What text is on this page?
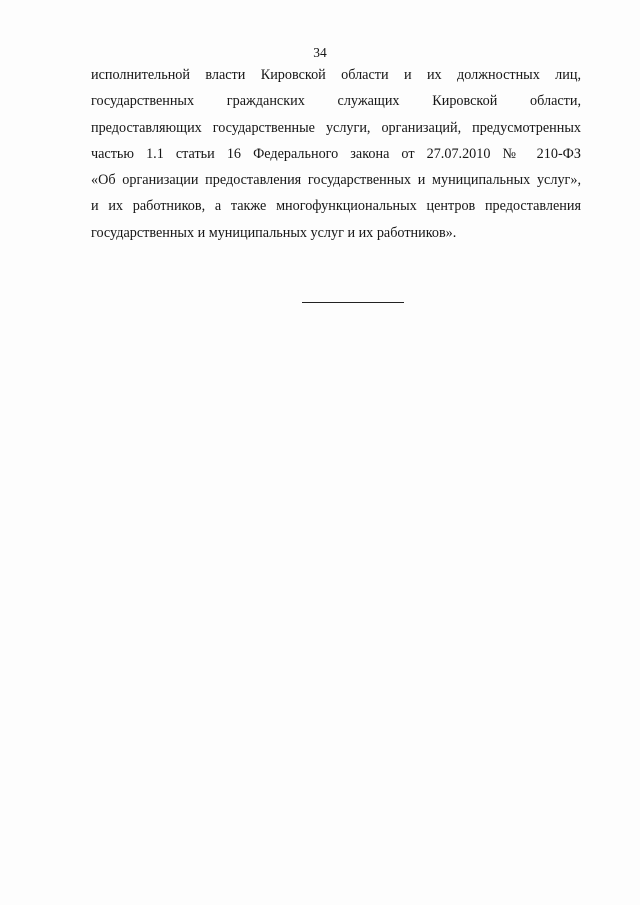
34
исполнительной власти Кировской области и их должностных лиц,
государственных гражданских служащих Кировской области,
предоставляющих государственные услуги, организаций, предусмотренных
частью 1.1 статьи 16 Федерального закона от 27.07.2010 № 210-ФЗ
«Об организации предоставления государственных и муниципальных услуг»,
и их работников, а также многофункциональных центров предоставления
государственных и муниципальных услуг и их работников».
